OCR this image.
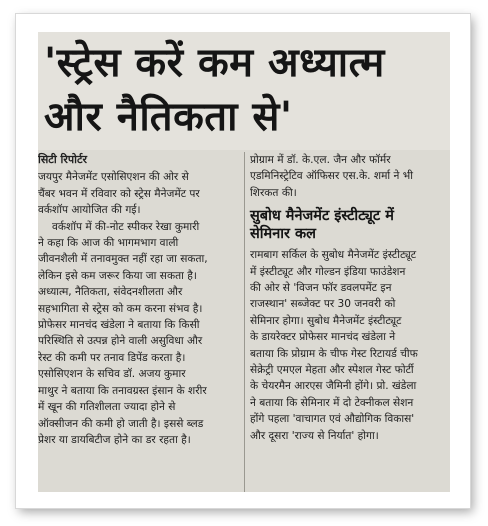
'स्ट्रेस करें कम अध्यात्म
और नैतिकता से'

सिटी रिपोर्टर

जयपुर मैनेजमेंट एसोसिएशन की ओर से

चैंबर भवन में रविवार को स्ट्रेस मैनेजमेंट पर

वर्कशॉप आयोजित की गई।

वर्कशॉप में की-नोट स्पीकर रेखा कुमारी

ने कहा कि आज की भागमभाग वाली

जीवनशैली में तनावमुक्त नहीं रहा जा सकता,

लेकिन इसे कम जरूर किया जा सकता है।

अध्यात्म, नैतिकता, संवेदनशीलता और

सहभागिता से स्ट्रेस को कम करना संभव है।

प्रोफेसर मानचंद खंडेला ने बताया कि किसी

परिस्थिति से उत्पन्न होने वाली असुविधा और

रेस्ट की कमी पर तनाव डिपेंड करता है।

एसोसिएशन के सचिव डॉ. अजय कुमार

माथुर ने बताया कि तनावग्रस्त इंसान के शरीर

में खून की गतिशीलता ज्यादा होने से

ऑक्सीजन की कमी हो जाती है। इससे ब्लड

प्रेशर या डायबिटीज होने का डर रहता है।

प्रोग्राम में डॉ. के.एल. जैन और फॉर्मर

एडमिनिस्ट्रेटिव ऑफिसर एस.के. शर्मा ने भी

शिरकत की।

सुबोध मैनेजमेंट इंस्टीट्यूट में
सेमिनार कल

रामबाग सर्किल के सुबोध मैनेजमेंट इंस्टीट्यूट

में इंस्टीट्यूट और गोल्डन इंडिया फाउंडेशन

की ओर से 'विजन फॉर डवलपमेंट इन

राजस्थान' सब्जेक्ट पर 30 जनवरी को

सेमिनार होगा। सुबोध मैनेजमेंट इंस्टीट्यूट

के डायरेक्टर प्रोफेसर मानचंद खंडेला ने

बताया कि प्रोग्राम के चीफ गेस्ट रिटायर्ड चीफ

सेक्रेट्री एमएल मेहता और स्पेशल गेस्ट फोर्टी

के चेयरमैन आरएस जैमिनी होंगे। प्रो. खंडेला

ने बताया कि सेमिनार में दो टेक्नीकल सेशन

होंगे पहला 'वाचागत एवं औद्योगिक विकास'

और दूसरा 'राज्य से निर्यात' होगा।
